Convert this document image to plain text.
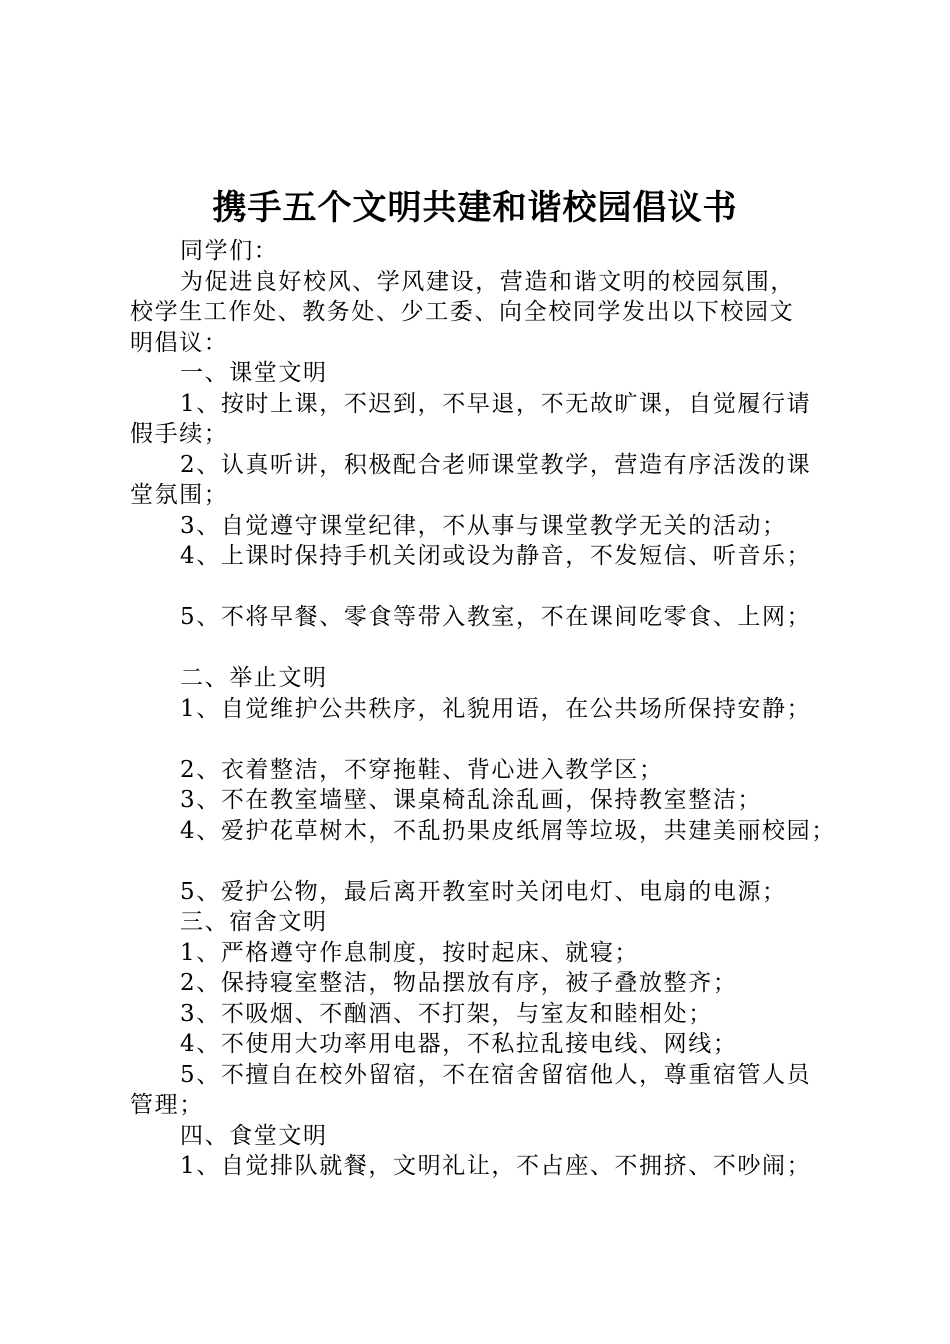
携手五个文明共建和谐校园倡议书

同学们：

为促进良好校风、学风建设，营造和谐文明的校园氛围，

校学生工作处、教务处、少工委、向全校同学发出以下校园文

明倡议：

一、课堂文明

1、按时上课，不迟到，不早退，不无故旷课，自觉履行请

假手续；

2、认真听讲，积极配合老师课堂教学，营造有序活泼的课

堂氛围；

3、自觉遵守课堂纪律，不从事与课堂教学无关的活动；

4、上课时保持手机关闭或设为静音，不发短信、听音乐；

5、不将早餐、零食等带入教室，不在课间吃零食、上网；

二、举止文明

1、自觉维护公共秩序，礼貌用语，在公共场所保持安静；

2、衣着整洁，不穿拖鞋、背心进入教学区；

3、不在教室墙壁、课桌椅乱涂乱画，保持教室整洁；

4、爱护花草树木，不乱扔果皮纸屑等垃圾，共建美丽校园；

5、爱护公物，最后离开教室时关闭电灯、电扇的电源；

三、宿舍文明

1、严格遵守作息制度，按时起床、就寝；

2、保持寝室整洁，物品摆放有序，被子叠放整齐；

3、不吸烟、不酗酒、不打架，与室友和睦相处；

4、不使用大功率用电器，不私拉乱接电线、网线；

5、不擅自在校外留宿，不在宿舍留宿他人，尊重宿管人员

管理；

四、食堂文明

1、自觉排队就餐，文明礼让，不占座、不拥挤、不吵闹；
